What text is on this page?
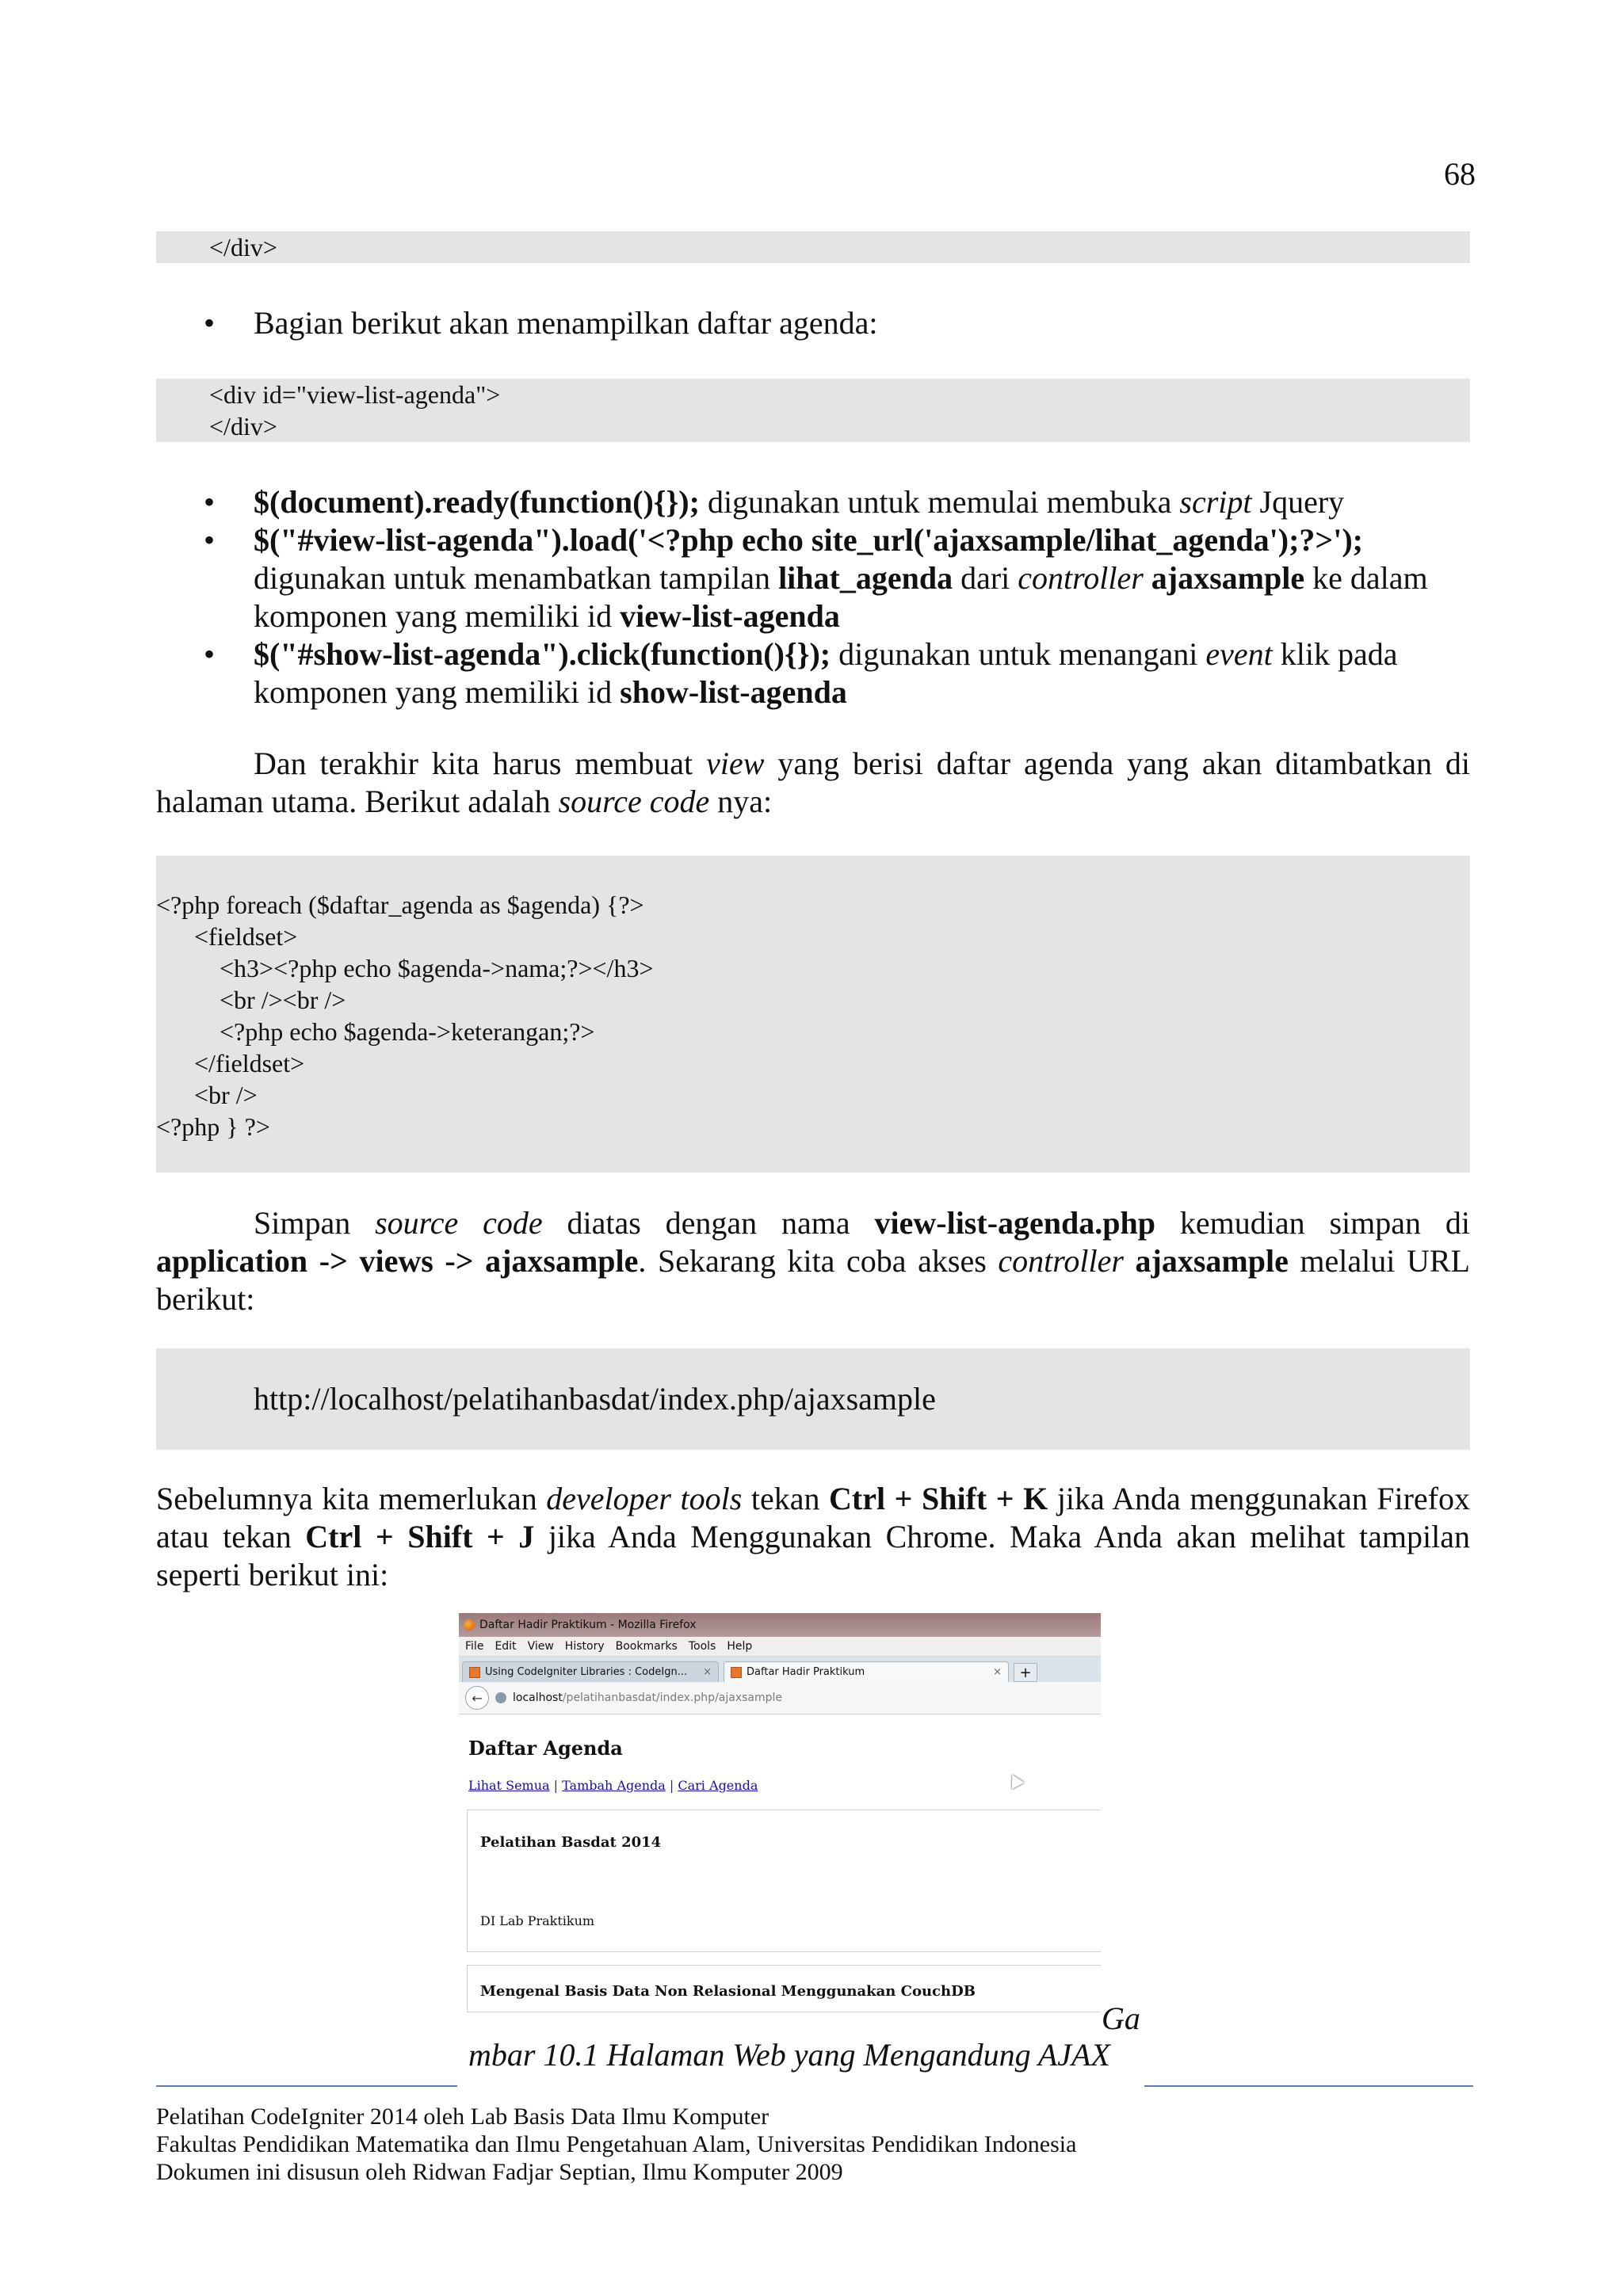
68
</div>
• Bagian berikut akan menampilkan daftar agenda:
<div id="view-list-agenda">
</div>
• $(document).ready(function(){}); digunakan untuk memulai membuka script Jquery
• $("#view-list-agenda").load('<?php echo site_url('ajaxsample/lihat_agenda');?>'); digunakan untuk menambatkan tampilan lihat_agenda dari controller ajaxsample ke dalam komponen yang memiliki id view-list-agenda
• $("#show-list-agenda").click(function(){}); digunakan untuk menangani event klik pada komponen yang memiliki id show-list-agenda

Dan terakhir kita harus membuat view yang berisi daftar agenda yang akan ditambatkan di halaman utama. Berikut adalah source code nya:

<?php foreach ($daftar_agenda as $agenda) {?>
<fieldset>
<h3><?php echo $agenda->nama;?></h3>
<br /><br />
<?php echo $agenda->keterangan;?>
</fieldset>
<br />
<?php } ?>

Simpan source code diatas dengan nama view-list-agenda.php kemudian simpan di application -> views -> ajaxsample. Sekarang kita coba akses controller ajaxsample melalui URL berikut:

http://localhost/pelatihanbasdat/index.php/ajaxsample

Sebelumnya kita memerlukan developer tools tekan Ctrl + Shift + K jika Anda menggunakan Firefox atau tekan Ctrl + Shift + J jika Anda Menggunakan Chrome. Maka Anda akan melihat tampilan seperti berikut ini:

Daftar Hadir Praktikum - Mozilla Firefox
File Edit View History Bookmarks Tools Help
Using CodeIgniter Libraries : CodeIgn... ×	Daftar Hadir Praktikum	×	+
←	localhost/pelatihanbasdat/index.php/ajaxsample
Daftar Agenda
Lihat Semua | Tambah Agenda | Cari Agenda
Pelatihan Basdat 2014
DI Lab Praktikum
Mengenal Basis Data Non Relasional Menggunakan CouchDB
Ga
mbar 10.1 Halaman Web yang Mengandung AJAX
Pelatihan CodeIgniter 2014 oleh Lab Basis Data Ilmu Komputer
Fakultas Pendidikan Matematika dan Ilmu Pengetahuan Alam, Universitas Pendidikan Indonesia
Dokumen ini disusun oleh Ridwan Fadjar Septian, Ilmu Komputer 2009
